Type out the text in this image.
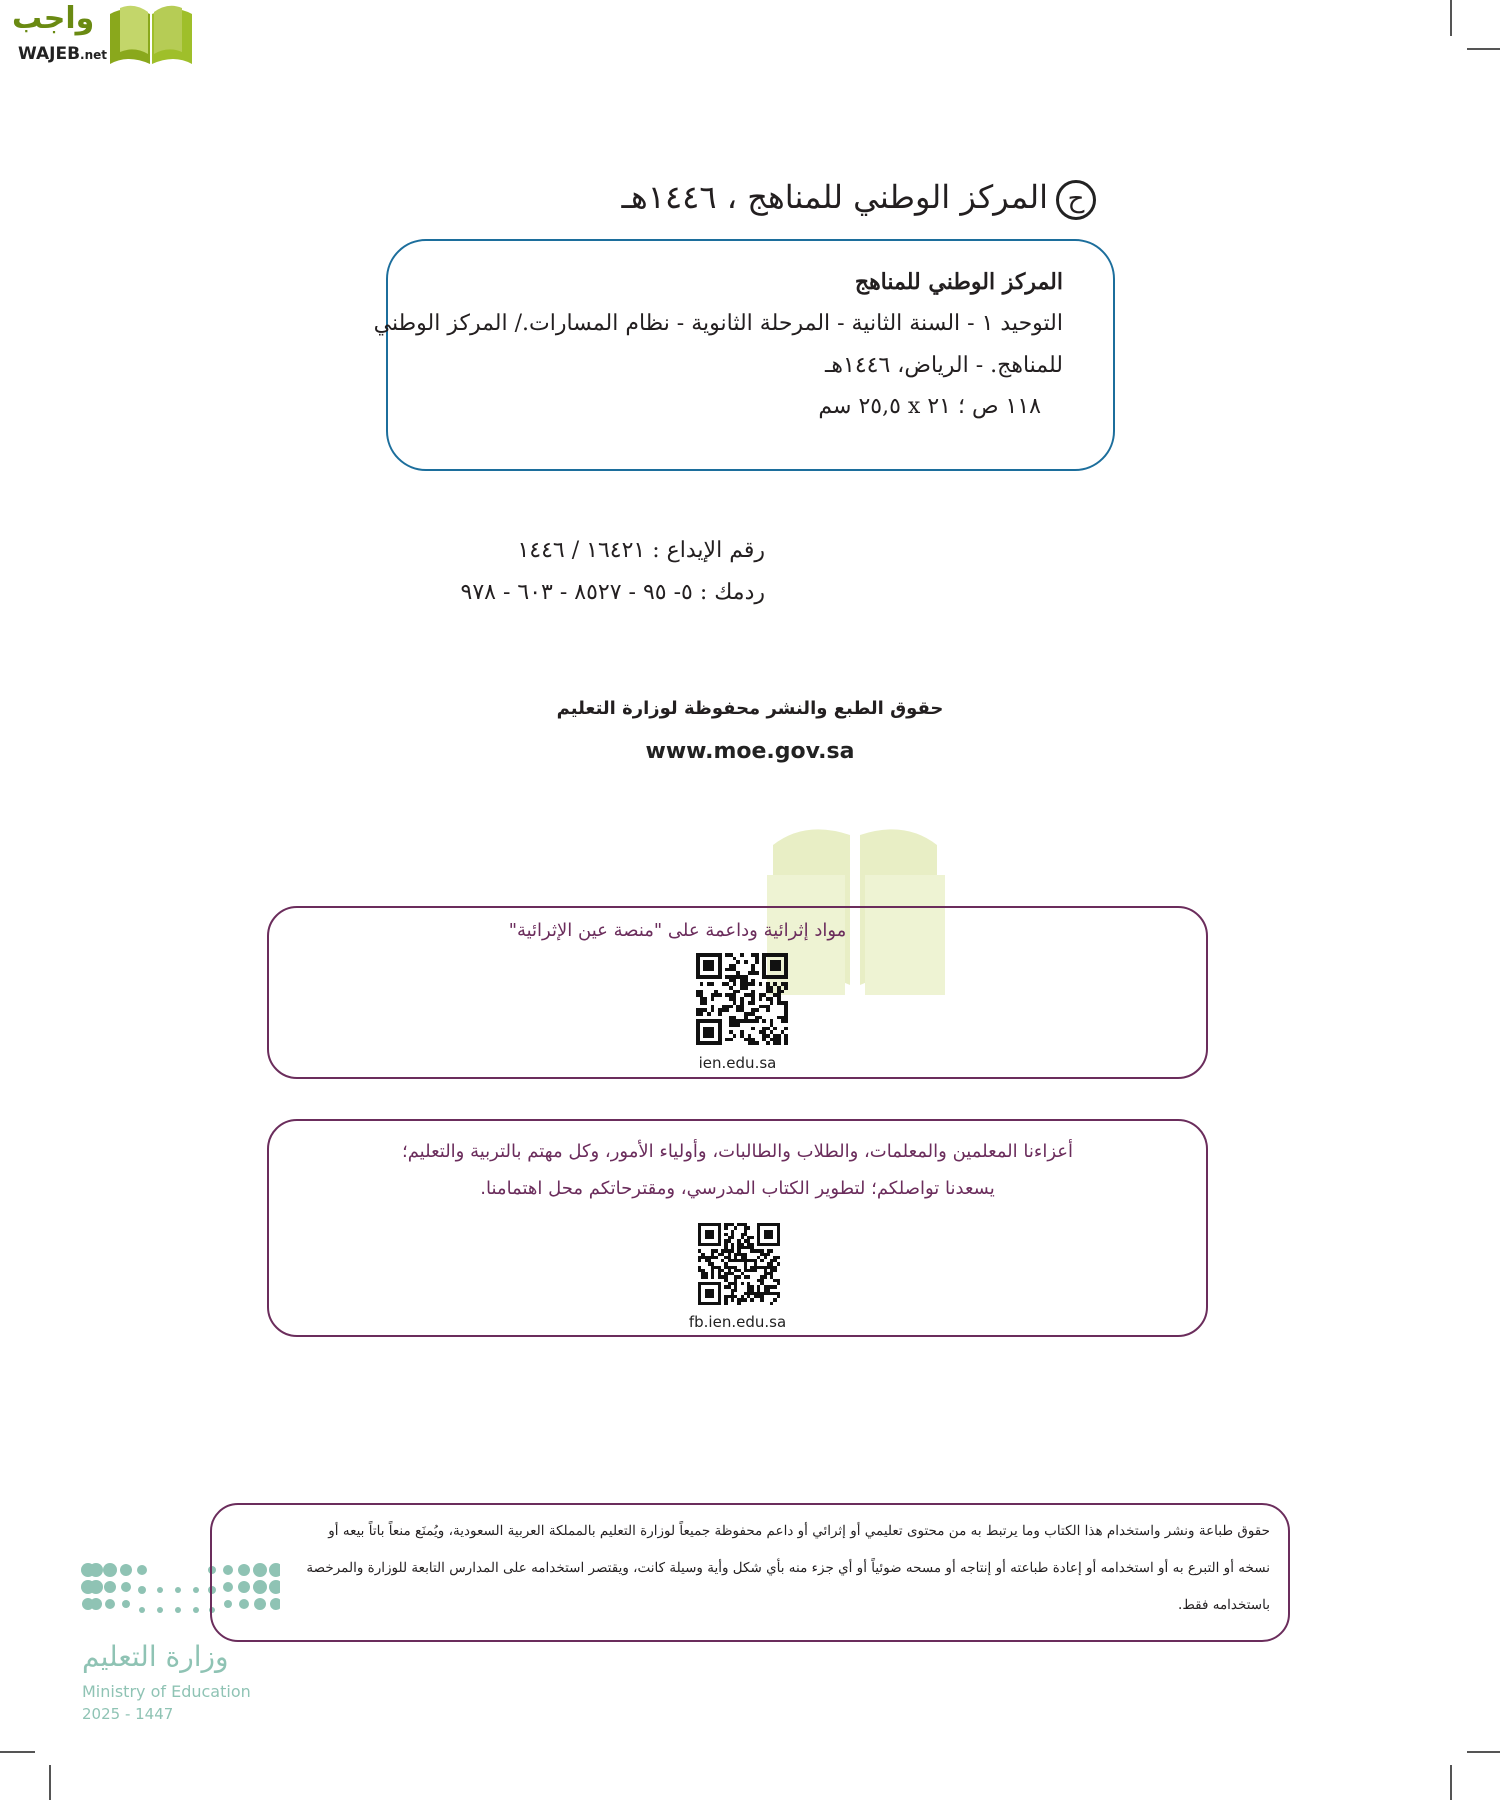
واجب
WAJEB.net
حالمركز الوطني للمناهج ، ١٤٤٦هـ
المركز الوطني للمناهج
التوحيد ١ - السنة الثانية - المرحلة الثانوية - نظام المسارات./ المركز الوطني
للمناهج. - الرياض، ١٤٤٦هـ
١١٨ ص ؛ ٢١ x ٢٥,٥ سم
رقم الإيداع : ١٦٤٢١ / ١٤٤٦
ردمك : ٥- ٩٥ - ٨٥٢٧ - ٦٠٣ - ٩٧٨
حقوق الطبع والنشر محفوظة لوزارة التعليم
www.moe.gov.sa
مواد إثرائية وداعمة على "منصة عين الإثرائية"
ien.edu.sa
أعزاءنا المعلمين والمعلمات، والطلاب والطالبات، وأولياء الأمور، وكل مهتم بالتربية والتعليم؛
يسعدنا تواصلكم؛ لتطوير الكتاب المدرسي، ومقترحاتكم محل اهتمامنا.
fb.ien.edu.sa
وزارة التعليم
Ministry of Education
2025 - 1447
حقوق طباعة ونشر واستخدام هذا الكتاب وما يرتبط به من محتوى تعليمي أو إثرائي أو داعم محفوظة جميعاً لوزارة التعليم بالمملكة العربية السعودية، ويُمنَع منعاً باتاً بيعه أو
نسخه أو التبرع به أو استخدامه أو إعادة طباعته أو إنتاجه أو مسحه ضوئياً أو أي جزء منه بأي شكل وأية وسيلة كانت، ويقتصر استخدامه على المدارس التابعة للوزارة والمرخصة
باستخدامه فقط.
